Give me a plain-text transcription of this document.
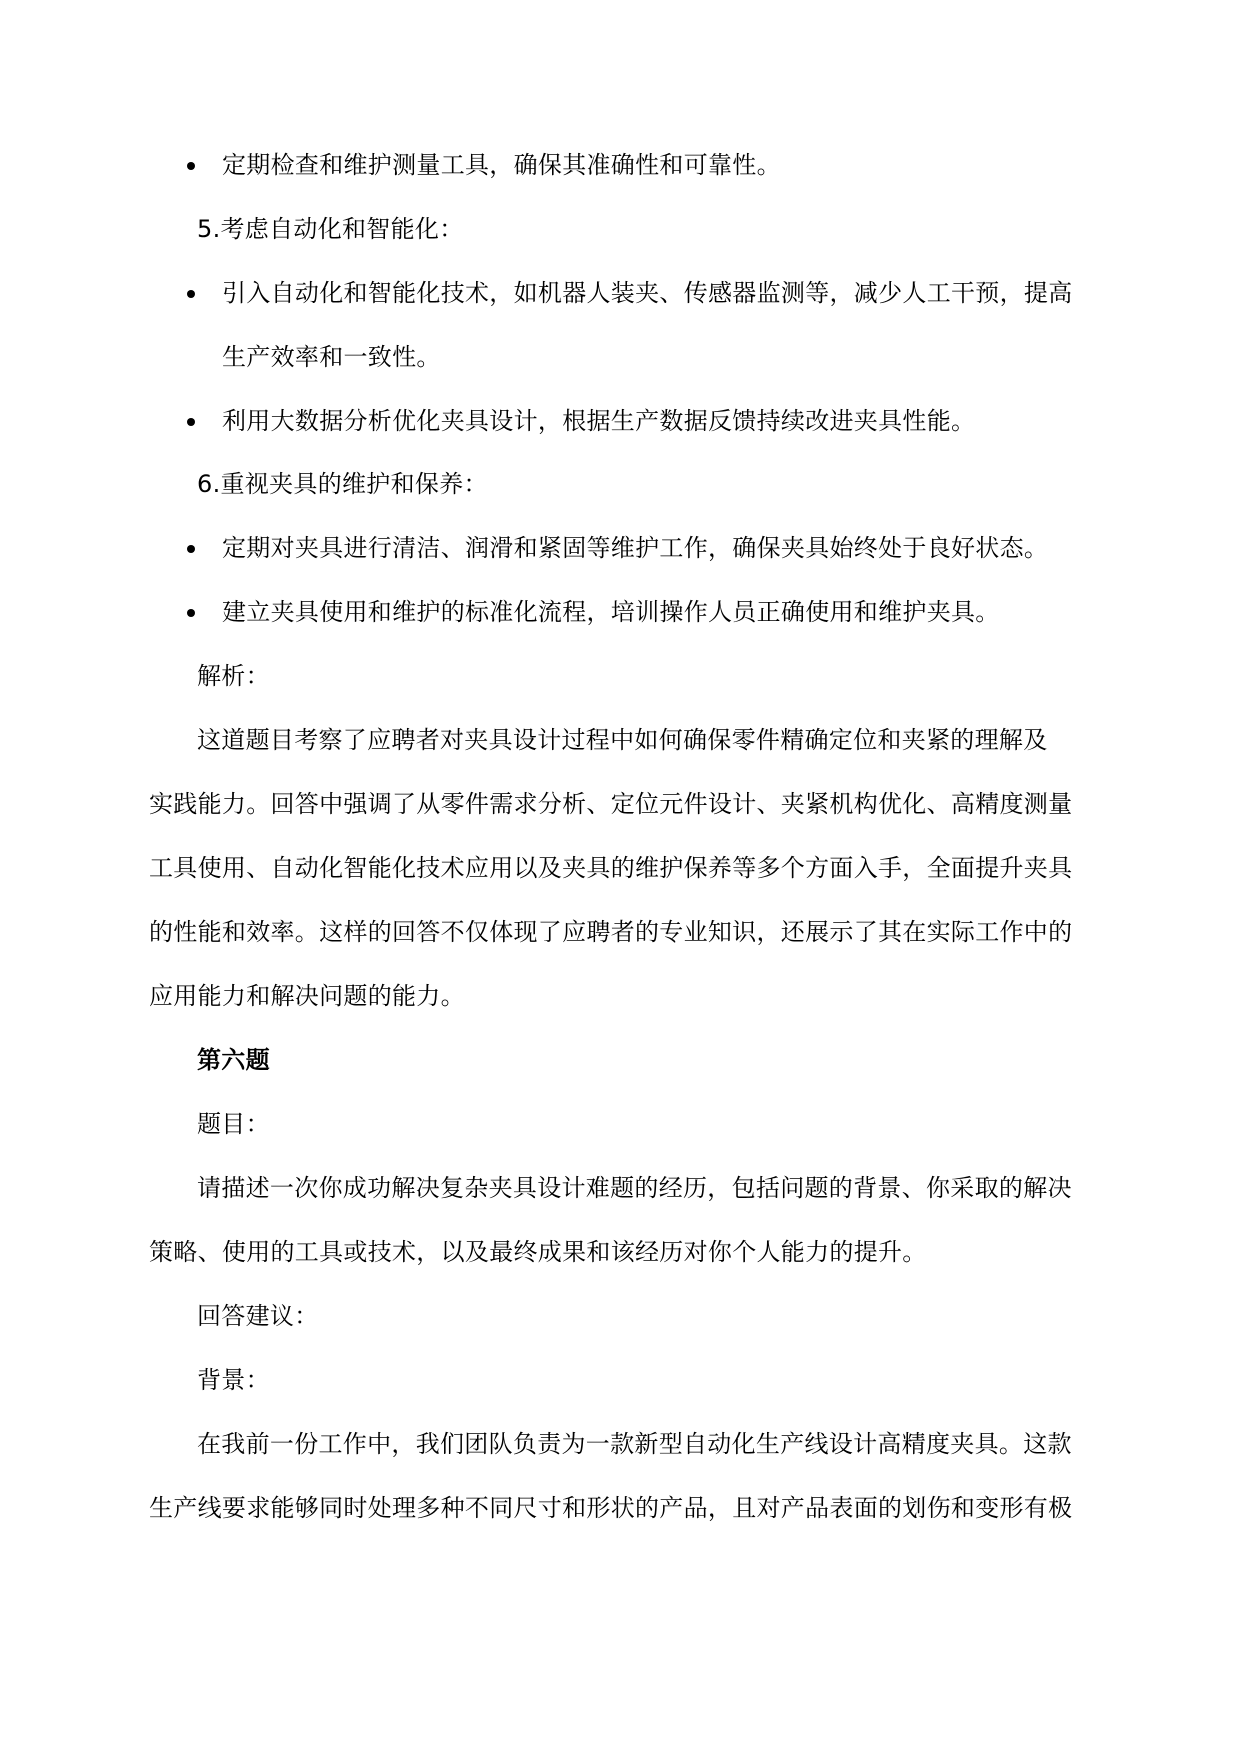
定期检查和维护测量工具，确保其准确性和可靠性。
5.考虑自动化和智能化：
引入自动化和智能化技术，如机器人装夹、传感器监测等，减少人工干预，提高
生产效率和一致性。
利用大数据分析优化夹具设计，根据生产数据反馈持续改进夹具性能。
6.重视夹具的维护和保养：
定期对夹具进行清洁、润滑和紧固等维护工作，确保夹具始终处于良好状态。
建立夹具使用和维护的标准化流程，培训操作人员正确使用和维护夹具。
解析：
这道题目考察了应聘者对夹具设计过程中如何确保零件精确定位和夹紧的理解及
实践能力。回答中强调了从零件需求分析、定位元件设计、夹紧机构优化、高精度测量
工具使用、自动化智能化技术应用以及夹具的维护保养等多个方面入手，全面提升夹具
的性能和效率。这样的回答不仅体现了应聘者的专业知识，还展示了其在实际工作中的
应用能力和解决问题的能力。
第六题
题目：
请描述一次你成功解决复杂夹具设计难题的经历，包括问题的背景、你采取的解决
策略、使用的工具或技术，以及最终成果和该经历对你个人能力的提升。
回答建议：
背景：
在我前一份工作中，我们团队负责为一款新型自动化生产线设计高精度夹具。这款
生产线要求能够同时处理多种不同尺寸和形状的产品，且对产品表面的划伤和变形有极
